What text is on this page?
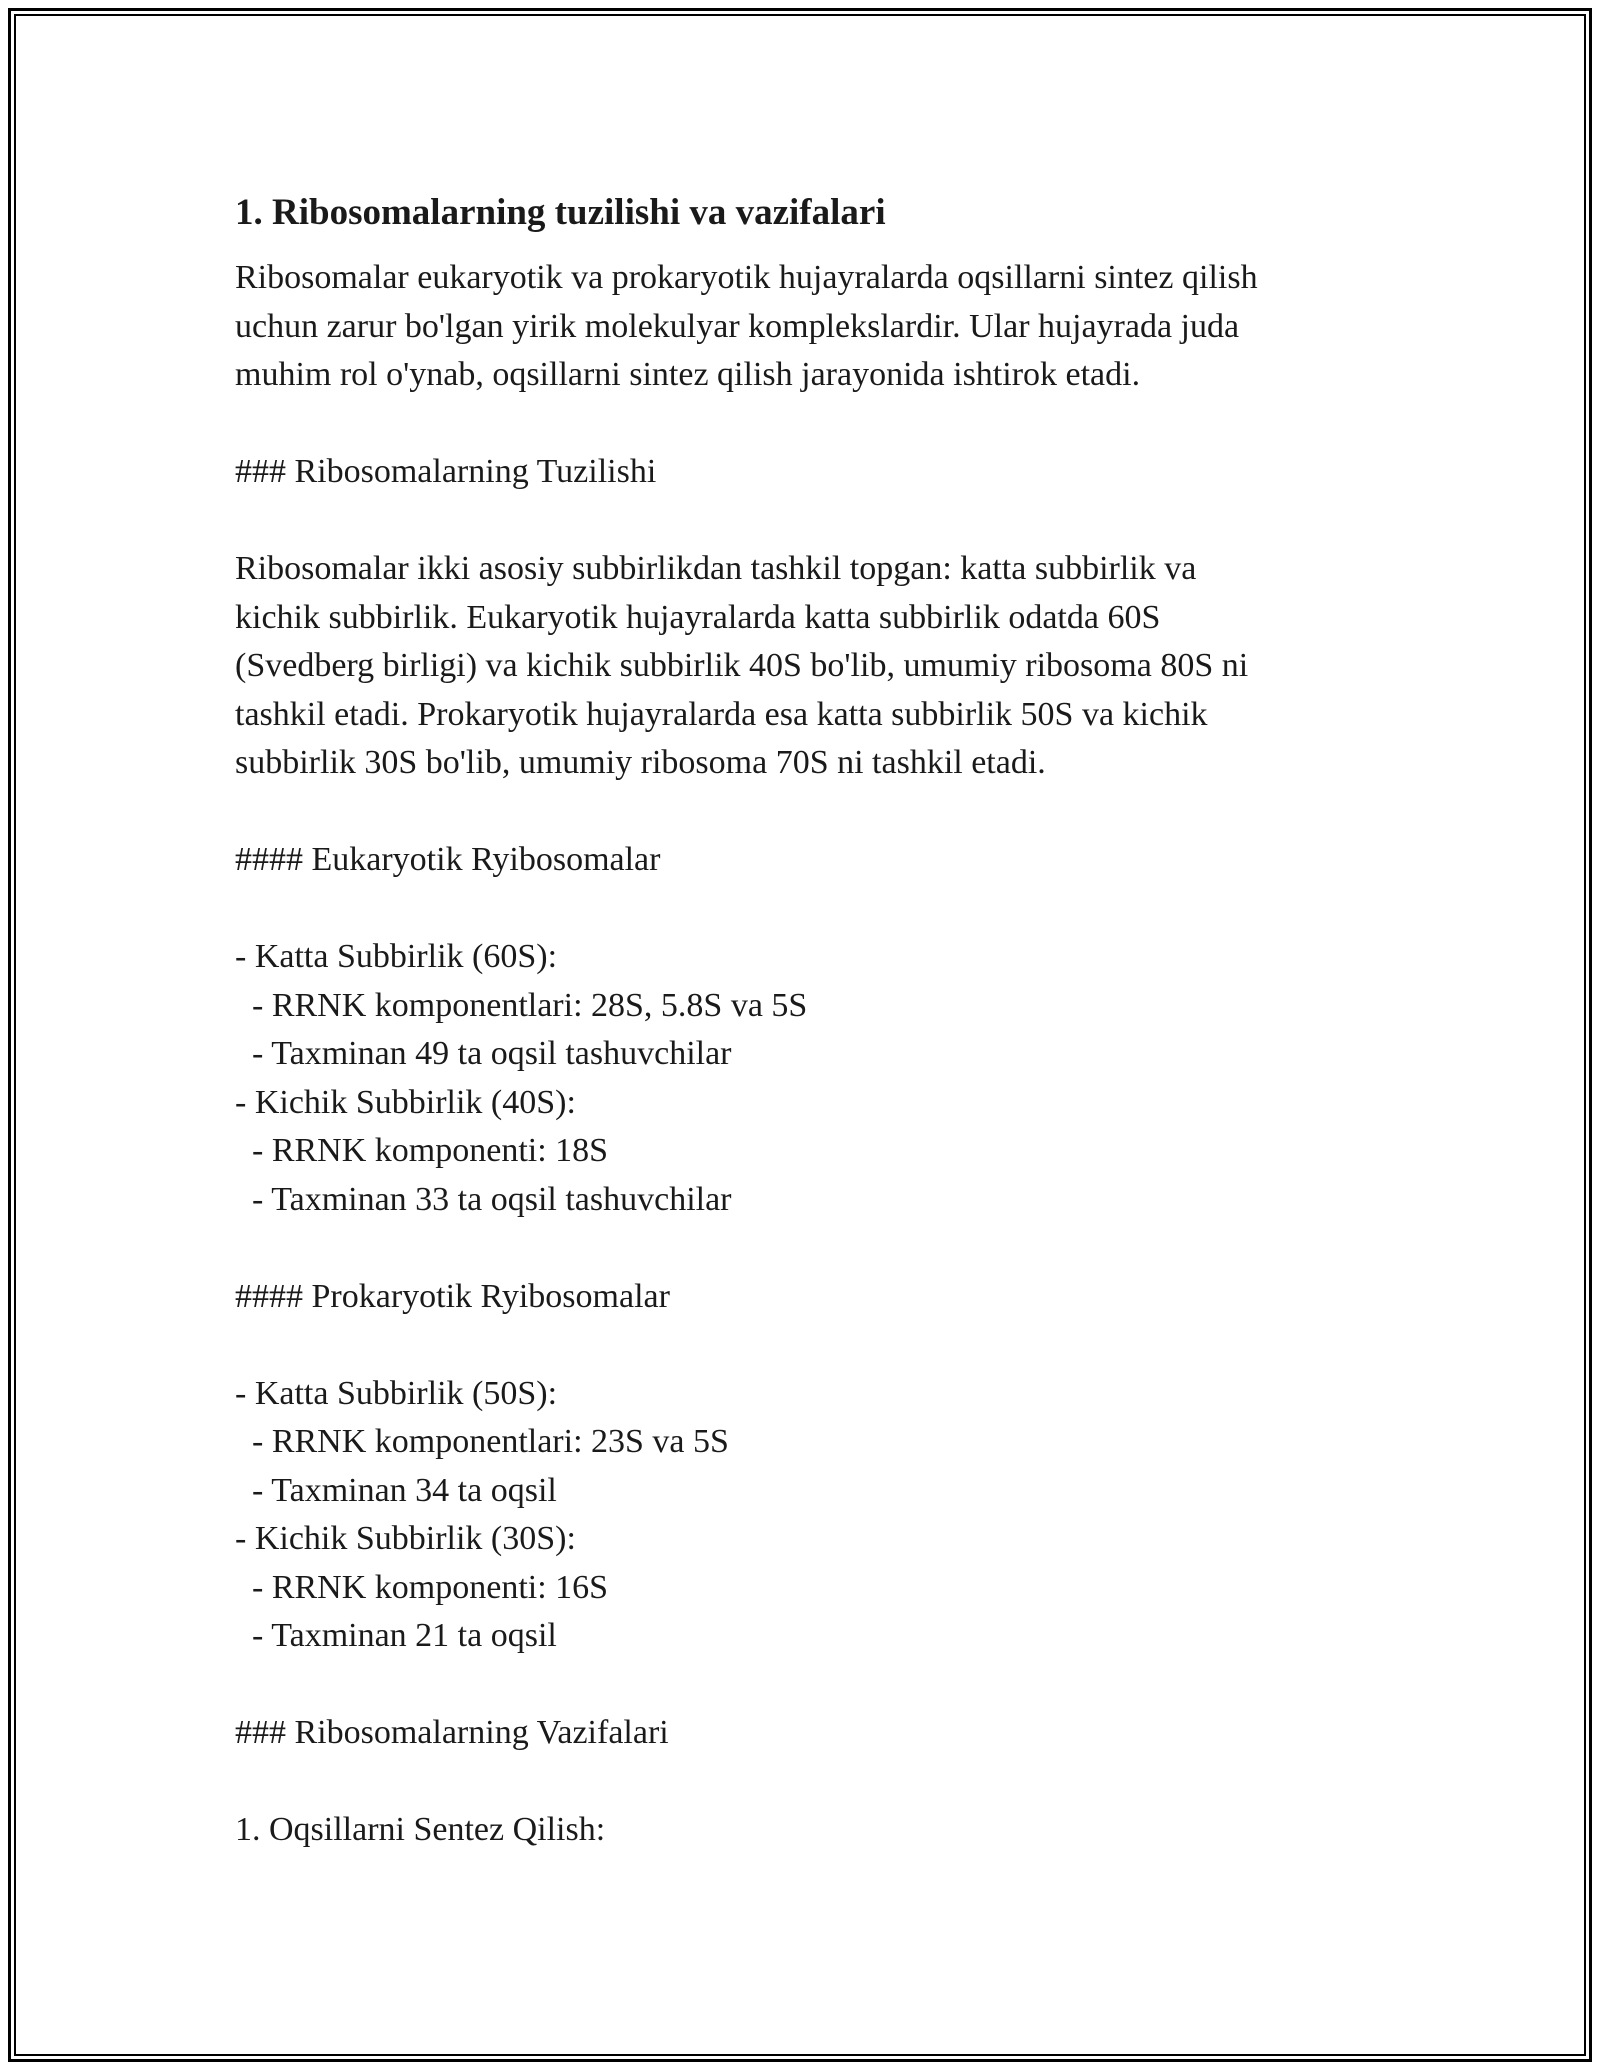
1. Ribosomalarning tuzilishi va vazifalari
Ribosomalar eukaryotik va prokaryotik hujayralarda oqsillarni sintez qilish
uchun zarur bo'lgan yirik molekulyar komplekslardir. Ular hujayrada juda
muhim rol o'ynab, oqsillarni sintez qilish jarayonida ishtirok etadi.
### Ribosomalarning Tuzilishi
Ribosomalar ikki asosiy subbirlikdan tashkil topgan: katta subbirlik va
kichik subbirlik. Eukaryotik hujayralarda katta subbirlik odatda 60S
(Svedberg birligi) va kichik subbirlik 40S bo'lib, umumiy ribosoma 80S ni
tashkil etadi. Prokaryotik hujayralarda esa katta subbirlik 50S va kichik
subbirlik 30S bo'lib, umumiy ribosoma 70S ni tashkil etadi.
#### Eukaryotik Ryibosomalar
- Katta Subbirlik (60S):
- RRNK komponentlari: 28S, 5.8S va 5S
- Taxminan 49 ta oqsil tashuvchilar
- Kichik Subbirlik (40S):
- RRNK komponenti: 18S
- Taxminan 33 ta oqsil tashuvchilar
#### Prokaryotik Ryibosomalar
- Katta Subbirlik (50S):
- RRNK komponentlari: 23S va 5S
- Taxminan 34 ta oqsil
- Kichik Subbirlik (30S):
- RRNK komponenti: 16S
- Taxminan 21 ta oqsil
### Ribosomalarning Vazifalari
1. Oqsillarni Sentez Qilish:
